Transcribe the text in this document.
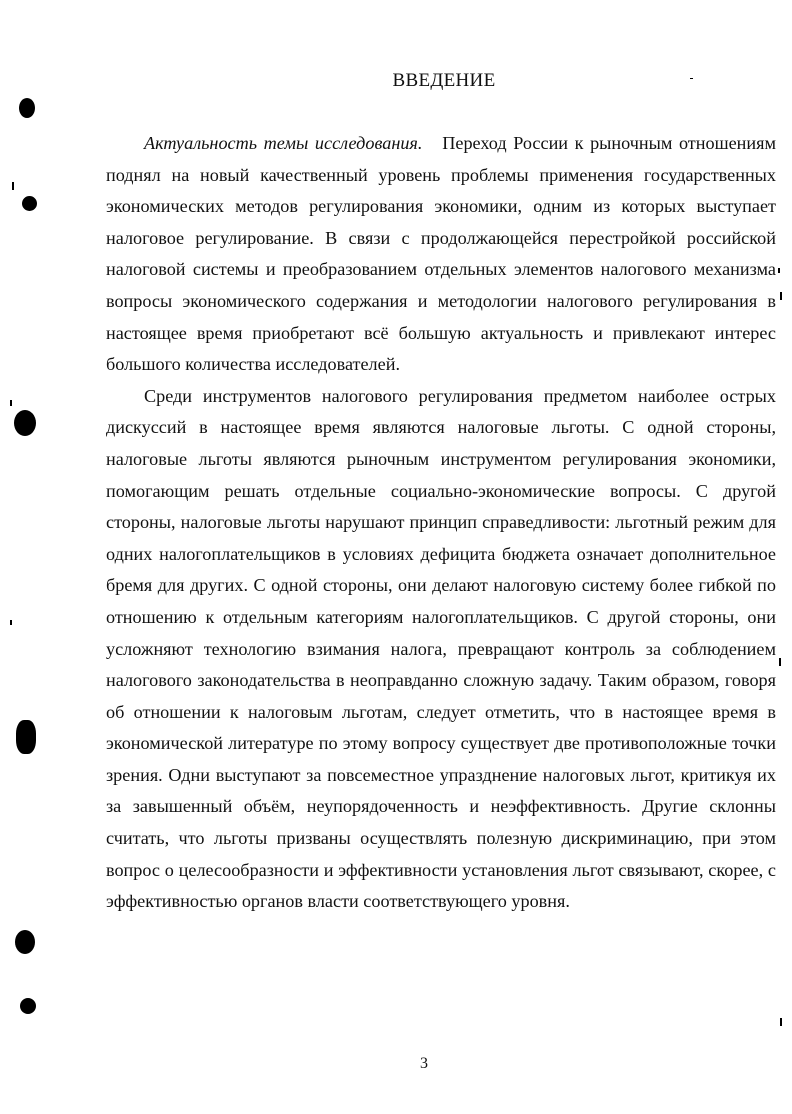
ВВЕДЕНИЕ

Актуальность темы исследования. Переход России к рыночным отношениям поднял на новый качественный уровень проблемы применения государственных экономических методов регулирования экономики, одним из которых выступает налоговое регулирование. В связи с продолжающейся перестройкой российской налоговой системы и преобразованием отдельных элементов налогового механизма вопросы экономического содержания и методологии налогового регулирования в настоящее время приобретают всё большую актуальность и привлекают интерес большого количества исследователей.

Среди инструментов налогового регулирования предметом наиболее острых дискуссий в настоящее время являются налоговые льготы. С одной стороны, налоговые льготы являются рыночным инструментом регулирования экономики, помогающим решать отдельные социально-экономические вопросы. С другой стороны, налоговые льготы нарушают принцип справедливости: льготный режим для одних налогоплательщиков в условиях дефицита бюджета означает дополнительное бремя для других. С одной стороны, они делают налоговую систему более гибкой по отношению к отдельным категориям налогоплательщиков. С другой стороны, они усложняют технологию взимания налога, превращают контроль за соблюдением налогового законодательства в неоправданно сложную задачу. Таким образом, говоря об отношении к налоговым льготам, следует отметить, что в настоящее время в экономической литературе по этому вопросу существует две противоположные точки зрения. Одни выступают за повсеместное упразднение налоговых льгот, критикуя их за завышенный объём, неупорядоченность и неэффективность. Другие склонны считать, что льготы призваны осуществлять полезную дискриминацию, при этом вопрос о целесообразности и эффективности установления льгот связывают, скорее, с эффективностью органов власти соответствующего уровня.

3
